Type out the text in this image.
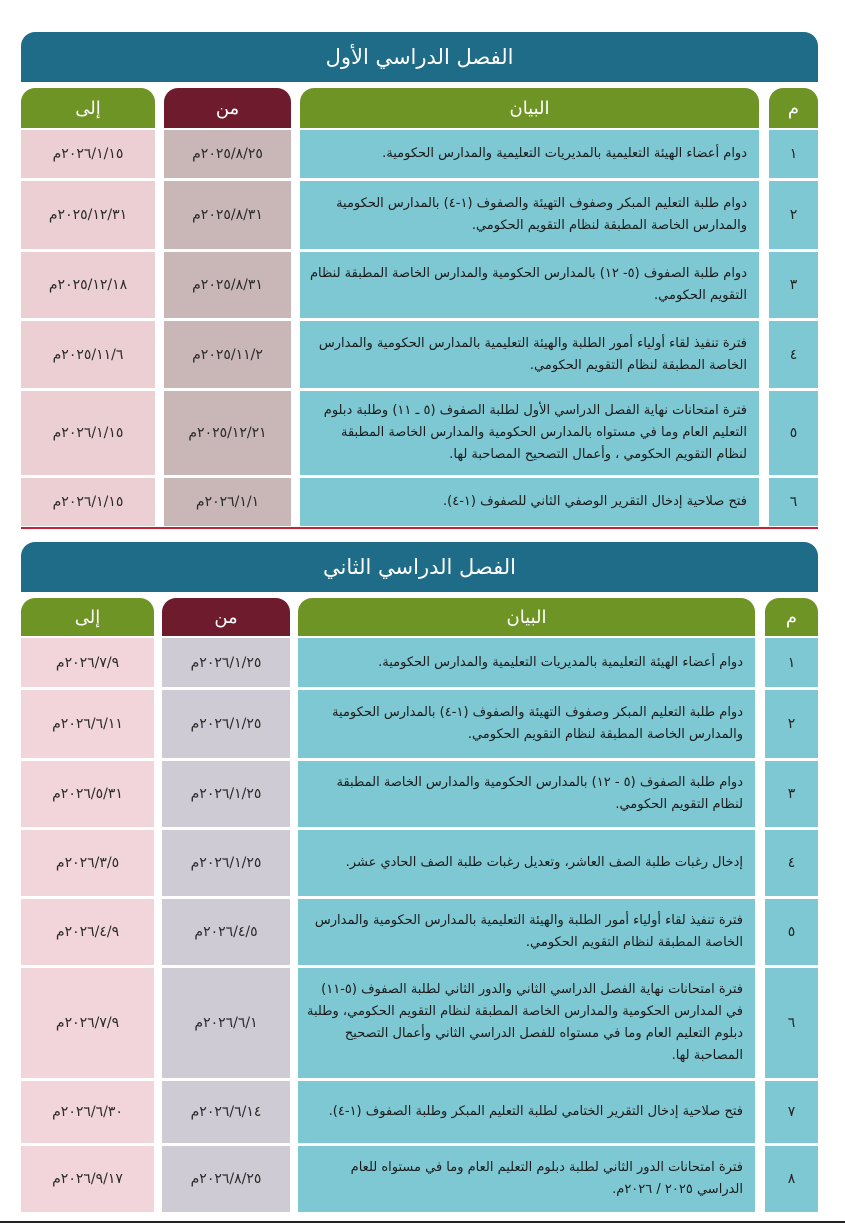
الفصل الدراسي الأول
م
البيان
من
إلى
١
دوام أعضاء الهيئة التعليمية بالمديريات التعليمية والمدارس الحكومية.
٢٠٢٥/٨/٢٥م
٢٠٢٦/١/١٥م
٢
دوام طلبة التعليم المبكر وصفوف التهيئة والصفوف (١-٤) بالمدارس الحكومية والمدارس الخاصة المطبقة لنظام التقويم الحكومي.
٢٠٢٥/٨/٣١م
٢٠٢٥/١٢/٣١م
٣
دوام طلبة الصفوف (٥- ١٢) بالمدارس الحكومية والمدارس الخاصة المطبقة لنظام التقويم الحكومي.
٢٠٢٥/٨/٣١م
٢٠٢٥/١٢/١٨م
٤
فترة تنفيذ لقاء أولياء أمور الطلبة والهيئة التعليمية بالمدارس الحكومية والمدارس الخاصة المطبقة لنظام التقويم الحكومي.
٢٠٢٥/١١/٢م
٢٠٢٥/١١/٦م
٥
فترة امتحانات نهاية الفصل الدراسي الأول لطلبة الصفوف (٥ ـ ١١) وطلبة دبلوم التعليم العام وما في مستواه بالمدارس الحكومية والمدارس الخاصة المطبقة لنظام التقويم الحكومي ، وأعمال التصحيح المصاحبة لها.
٢٠٢٥/١٢/٢١م
٢٠٢٦/١/١٥م
٦
فتح صلاحية إدخال التقرير الوصفي الثاني للصفوف (١-٤).
٢٠٢٦/١/١م
٢٠٢٦/١/١٥م
الفصل الدراسي الثاني
م
البيان
من
إلى
١
دوام أعضاء الهيئة التعليمية بالمديريات التعليمية والمدارس الحكومية.
٢٠٢٦/١/٢٥م
٢٠٢٦/٧/٩م
٢
دوام طلبة التعليم المبكر وصفوف التهيئة والصفوف (١-٤) بالمدارس الحكومية والمدارس الخاصة المطبقة لنظام التقويم الحكومي.
٢٠٢٦/١/٢٥م
٢٠٢٦/٦/١١م
٣
دوام طلبة الصفوف (٥ - ١٢) بالمدارس الحكومية والمدارس الخاصة المطبقة لنظام التقويم الحكومي.
٢٠٢٦/١/٢٥م
٢٠٢٦/٥/٣١م
٤
إدخال رغبات طلبة الصف العاشر، وتعديل رغبات طلبة الصف الحادي عشر.
٢٠٢٦/١/٢٥م
٢٠٢٦/٣/٥م
٥
فترة تنفيذ لقاء أولياء أمور الطلبة والهيئة التعليمية بالمدارس الحكومية والمدارس الخاصة المطبقة لنظام التقويم الحكومي.
٢٠٢٦/٤/٥م
٢٠٢٦/٤/٩م
٦
فترة امتحانات نهاية الفصل الدراسي الثاني والدور الثاني لطلبة الصفوف (٥-١١) في المدارس الحكومية والمدارس الخاصة المطبقة لنظام التقويم الحكومي، وطلبة دبلوم التعليم العام وما في مستواه للفصل الدراسي الثاني وأعمال التصحيح المصاحبة لها.
٢٠٢٦/٦/١م
٢٠٢٦/٧/٩م
٧
فتح صلاحية إدخال التقرير الختامي لطلبة التعليم المبكر وطلبة الصفوف (١-٤).
٢٠٢٦/٦/١٤م
٢٠٢٦/٦/٣٠م
٨
فترة امتحانات الدور الثاني لطلبة دبلوم التعليم العام وما في مستواه للعام الدراسي ٢٠٢٥ / ٢٠٢٦م.
٢٠٢٦/٨/٢٥م
٢٠٢٦/٩/١٧م
